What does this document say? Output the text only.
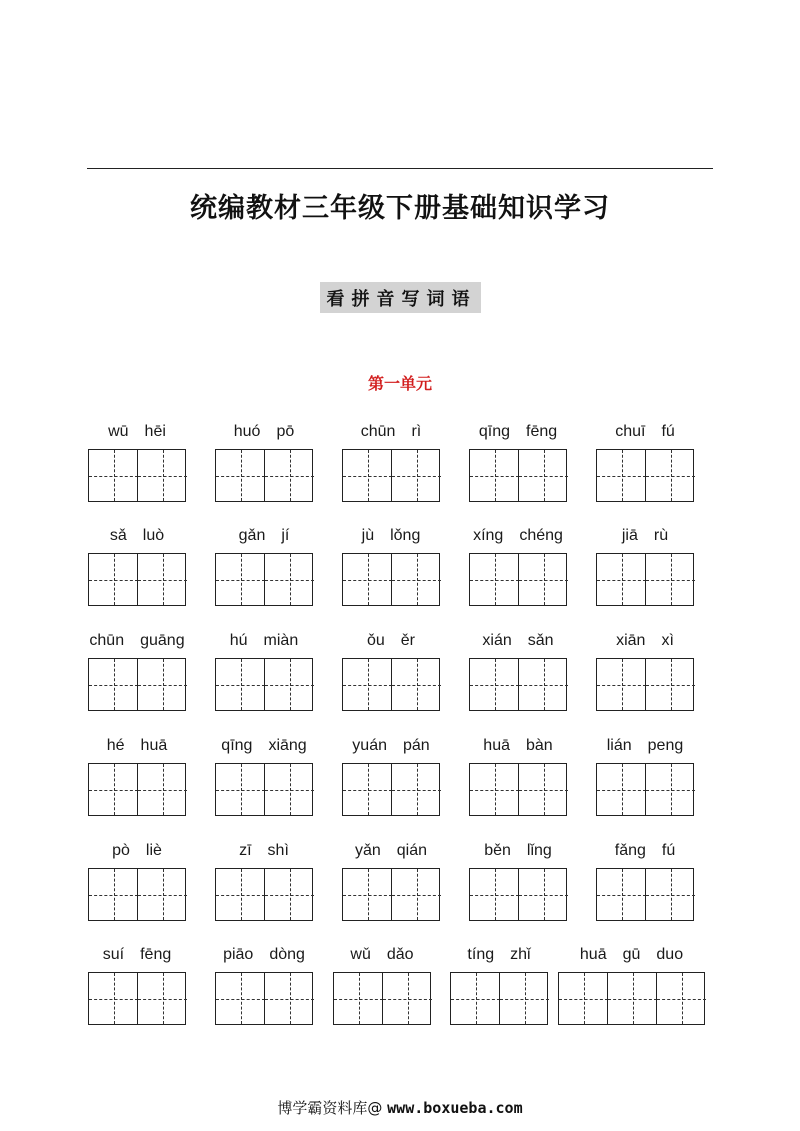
统编教材三年级下册基础知识学习
看拼音写词语
第一单元
wū hēi	huó pō	chūn rì	qīng fēng	chuī fú
sǎ luò	gǎn jí	jù lǒng	xíng chéng	jiā rù
chūn guāng	hú miàn	ǒu ěr	xián sǎn	xiān xì
hé huā	qīng xiāng	yuán pán	huā bàn	lián peng
pò liè	zī shì	yǎn qián	běn lǐng	fǎng fú
suí fēng	piāo dòng	wǔ dǎo	tíng zhǐ	huā gū duo
博学霸资料库@ www.boxueba.com
